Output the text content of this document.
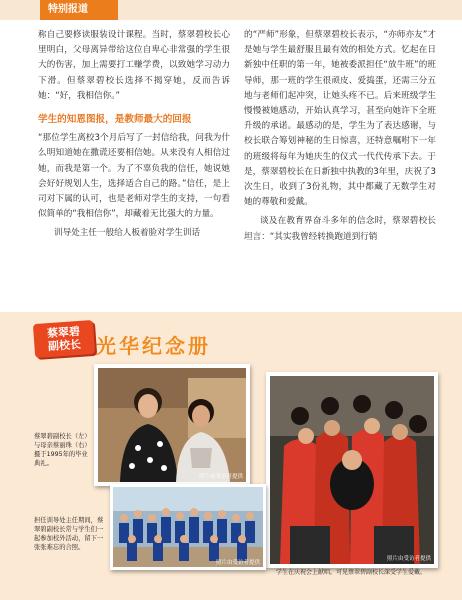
特别报道

称自己要修读服装设计课程。当时，蔡翠碧校长心里明白，父母离异带给这位自卑心非常强的学生很大的伤害，加上需要打工赚学费，以致她学习动力下滑。但蔡翠碧校长选择不揭穿她，反而告诉她：“好，我相信你。”

学生的知恩图报，是教师最大的回报

“那位学生离校3个月后写了一封信给我，问我为什么明知道她在撒谎还要相信她。从来没有人相信过她，而我是第一个。为了不辜负我的信任，她说她会好好规划人生，选择适合自己的路。”信任，是上司对下属的认可，也是老师对学生的支持，一句看似简单的“我相信你”，却藏着无比强大的力量。

训导处主任一般给人板着脸对学生训话

的“严师”形象，但蔡翠碧校长表示，“亦师亦友”才是她与学生最舒服且最有效的相处方式。忆起在日新独中任职的第一年，她被委派担任“放牛班”的班导师，那一班的学生很顽皮、爱捣蛋，还需三分五地与老师们起冲突，让她头疼不已。后来班级学生慢慢被她感动，开始认真学习，甚至向她许下全班升级的承诺。最感动的是，学生为了表达感谢，与校长联合筹划神秘的生日惊喜，还特意嘱咐下一年的班级将每年为她庆生的仪式一代代传承下去。于是，蔡翠碧校长在日新独中执教的3年里，庆祝了3次生日，收到了3份礼物，其中都藏了无数学生对她的尊敬和爱戴。

谈及在教育界奋斗多年的信念时，蔡翠碧校长坦言：“其实我曾经转换跑道到行销

蔡翠碧
副校长 光华纪念册
照片由受访者提供
照片由受访者提供
照片由受访者提供
蔡翠碧副校长（左）与母亲蔡丽珠（右）摄于1995年的毕业典礼。
担任训导处主任期间，蔡翠碧副校长常与学生们一起参加校外活动，留下一张张难忘的合照。
学生在庆祝会上献唱，可见蔡翠碧副校长深受学生爱戴。
